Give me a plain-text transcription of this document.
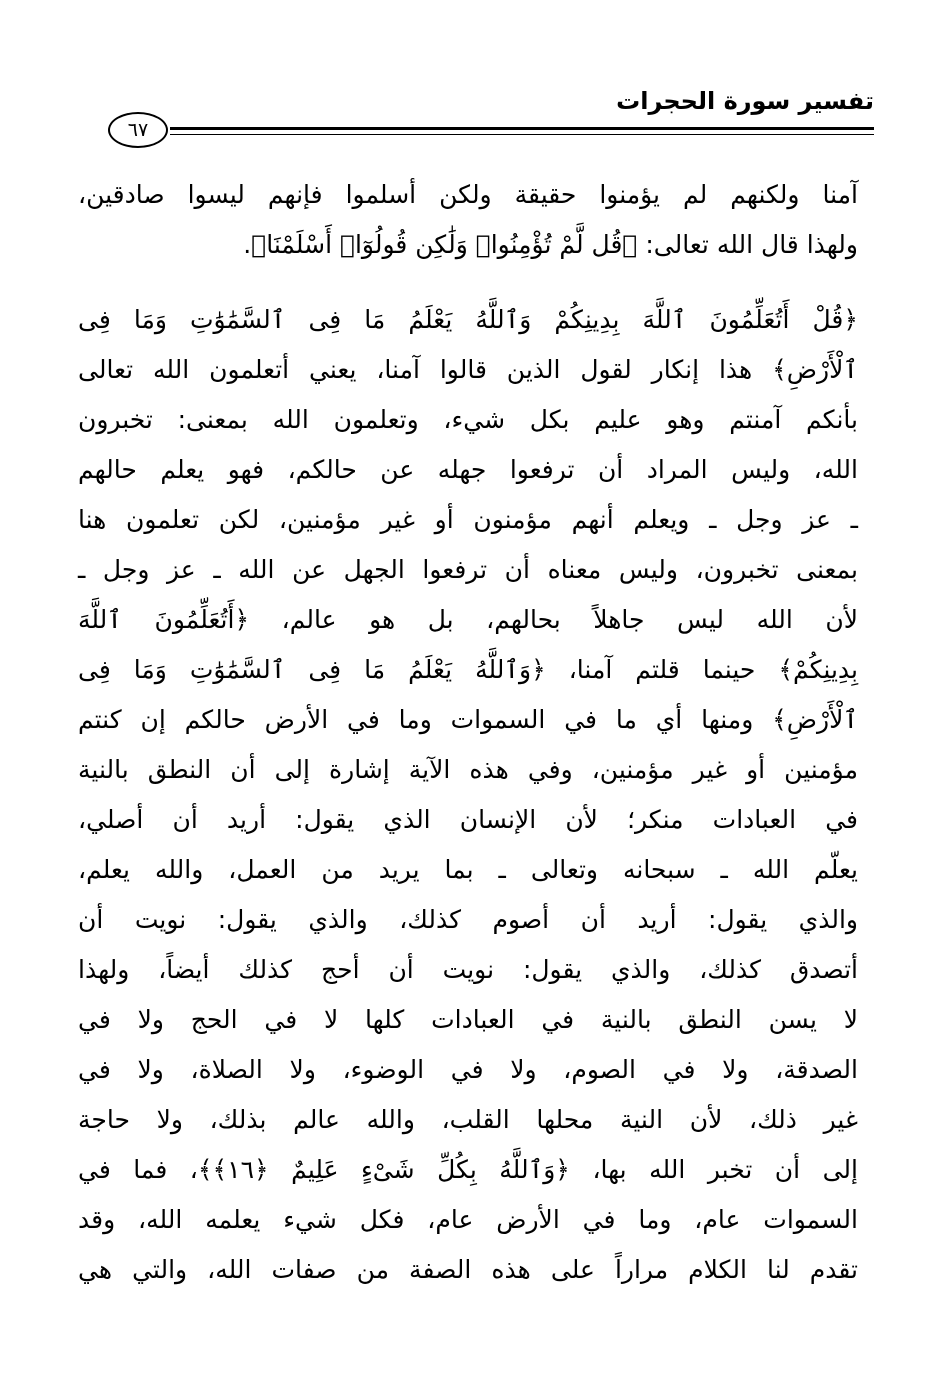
تفسير سورة الحجرات
٦٧
آمنا ولكنهم لم يؤمنوا حقيقة ولكن أسلموا فإنهم ليسوا صادقين،
ولهذا قال الله تعالى: ﴿قُل لَّمْ تُؤْمِنُوا۟ وَلَٰكِن قُولُوٓا۟ أَسْلَمْنَا﴾.
﴿قُلْ أَتُعَلِّمُونَ ٱللَّهَ بِدِينِكُمْ وَٱللَّهُ يَعْلَمُ مَا فِى ٱلسَّمَٰوَٰتِ وَمَا فِى
ٱلْأَرْضِ﴾ هذا إنكار لقول الذين قالوا آمنا، يعني أتعلمون الله تعالى
بأنكم آمنتم وهو عليم بكل شيء، وتعلمون الله بمعنى: تخبرون
الله، وليس المراد أن ترفعوا جهله عن حالكم، فهو يعلم حالهم
ـ عز وجل ـ ويعلم أنهم مؤمنون أو غير مؤمنين، لكن تعلمون هنا
بمعنى تخبرون، وليس معناه أن ترفعوا الجهل عن الله ـ عز وجل ـ
لأن الله ليس جاهلاً بحالهم، بل هو عالم، ﴿أَتُعَلِّمُونَ ٱللَّهَ
بِدِينِكُمْ﴾ حينما قلتم آمنا، ﴿وَٱللَّهُ يَعْلَمُ مَا فِى ٱلسَّمَٰوَٰتِ وَمَا فِى
ٱلْأَرْضِ﴾ ومنها أي ما في السموات وما في الأرض حالكم إن كنتم
مؤمنين أو غير مؤمنين، وفي هذه الآية إشارة إلى أن النطق بالنية
في العبادات منكر؛ لأن الإنسان الذي يقول: أريد أن أصلي،
يعلّم الله ـ سبحانه وتعالى ـ بما يريد من العمل، والله يعلم،
والذي يقول: أريد أن أصوم كذلك، والذي يقول: نويت أن
أتصدق كذلك، والذي يقول: نويت أن أحج كذلك أيضاً، ولهذا
لا يسن النطق بالنية في العبادات كلها لا في الحج ولا في
الصدقة، ولا في الصوم، ولا في الوضوء، ولا الصلاة، ولا في
غير ذلك، لأن النية محلها القلب، والله عالم بذلك، ولا حاجة
إلى أن تخبر الله بها، ﴿وَٱللَّهُ بِكُلِّ شَىْءٍ عَلِيمٌ ﴿١٦﴾﴾، فما في
السموات عام، وما في الأرض عام، فكل شيء يعلمه الله، وقد
تقدم لنا الكلام مراراً على هذه الصفة من صفات الله، والتي هي
